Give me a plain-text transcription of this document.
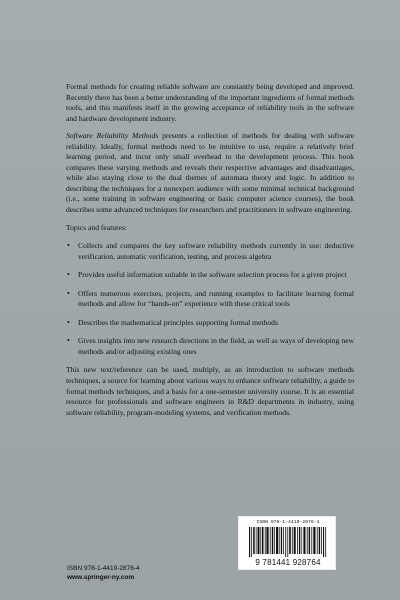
Formal methods for creating reliable software are constantly being developed and improved. Recently there has been a better understanding of the important ingredients of formal methods tools, and this manifests itself in the growing acceptance of reliability tools in the software and hardware development industry.

Software Reliability Methods presents a collection of methods for dealing with software reliability. Ideally, formal methods need to be intuitive to use, require a relatively brief learning period, and incur only small overhead to the development process. This book compares these varying methods and reveals their respective advantages and disadvantages, while also staying close to the dual themes of automata theory and logic. In addition to describing the techniques for a nonexpert audience with some minimal technical background (i.e., some training in software engineering or basic computer science courses), the book describes some advanced techniques for researchers and practitioners in software engineering.

Topics and features:

• Collects and compares the key software reliability methods currently in use: deductive verification, automatic verification, testing, and process algebra
• Provides useful information suitable in the software selection process for a given project
• Offers numerous exercises, projects, and running examples to facilitate learning formal methods and allow for “hands-on” experience with these critical tools
• Describes the mathematical principles supporting formal methods
• Gives insights into new research directions in the field, as well as ways of developing new methods and/or adjusting existing ones

This new text/reference can be used, multiply, as an introduction to software methods techniques, a source for learning about various ways to enhance software reliability, a guide to formal methods techniques, and a basis for a one-semester university course. It is an essential resource for professionals and software engineers in R&D departments in industry, using software reliability, program-modeling systems, and verification methods.

ISBN 978-1-4419-2876-4
www.springer-ny.com
ISBN 978-1-4419-2876-4
9 781441 928764
